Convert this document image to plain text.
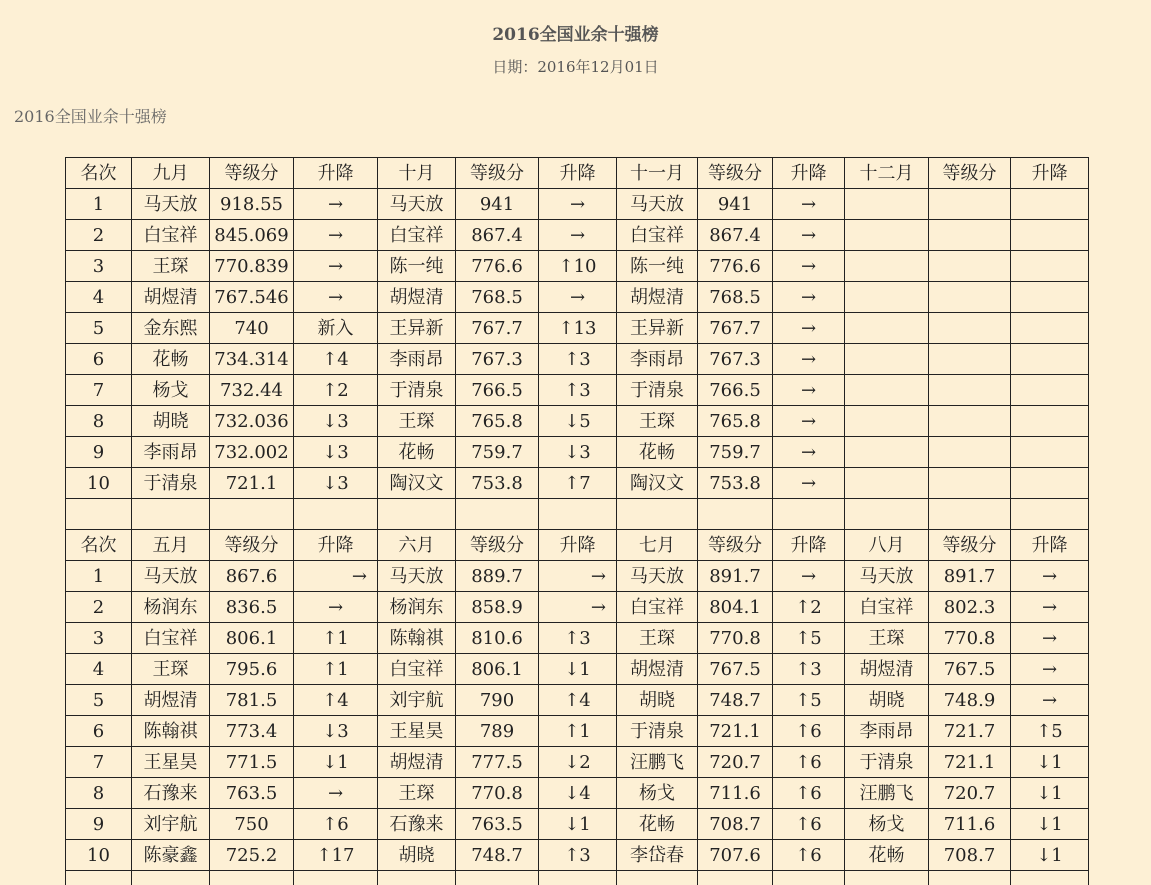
2016全国业余十强榜
日期：2016年12月01日
2016全国业余十强榜
名次	九月	等级分	升降	十月	等级分	升降	十一月	等级分	升降	十二月	等级分	升降
1	马天放	918.55	→	马天放	941	→	马天放	941	→			
2	白宝祥	845.069	→	白宝祥	867.4	→	白宝祥	867.4	→			
3	王琛	770.839	→	陈一纯	776.6	↑10	陈一纯	776.6	→			
4	胡煜清	767.546	→	胡煜清	768.5	→	胡煜清	768.5	→			
5	金东熙	740	新入	王异新	767.7	↑13	王异新	767.7	→			
6	花畅	734.314	↑4	李雨昂	767.3	↑3	李雨昂	767.3	→			
7	杨戈	732.44	↑2	于清泉	766.5	↑3	于清泉	766.5	→			
8	胡晓	732.036	↓3	王琛	765.8	↓5	王琛	765.8	→			
9	李雨昂	732.002	↓3	花畅	759.7	↓3	花畅	759.7	→			
10	于清泉	721.1	↓3	陶汉文	753.8	↑7	陶汉文	753.8	→			

名次	五月	等级分	升降	六月	等级分	升降	七月	等级分	升降	八月	等级分	升降
1	马天放	867.6	→	马天放	889.7	→	马天放	891.7	→	马天放	891.7	→
2	杨润东	836.5	→	杨润东	858.9	→	白宝祥	804.1	↑2	白宝祥	802.3	→
3	白宝祥	806.1	↑1	陈翰祺	810.6	↑3	王琛	770.8	↑5	王琛	770.8	→
4	王琛	795.6	↑1	白宝祥	806.1	↓1	胡煜清	767.5	↑3	胡煜清	767.5	→
5	胡煜清	781.5	↑4	刘宇航	790	↑4	胡晓	748.7	↑5	胡晓	748.9	→
6	陈翰祺	773.4	↓3	王星昊	789	↑1	于清泉	721.1	↑6	李雨昂	721.7	↑5
7	王星昊	771.5	↓1	胡煜清	777.5	↓2	汪鹏飞	720.7	↑6	于清泉	721.1	↓1
8	石豫来	763.5	→	王琛	770.8	↓4	杨戈	711.6	↑6	汪鹏飞	720.7	↓1
9	刘宇航	750	↑6	石豫来	763.5	↓1	花畅	708.7	↑6	杨戈	711.6	↓1
10	陈豪鑫	725.2	↑17	胡晓	748.7	↑3	李岱春	707.6	↑6	花畅	708.7	↓1
